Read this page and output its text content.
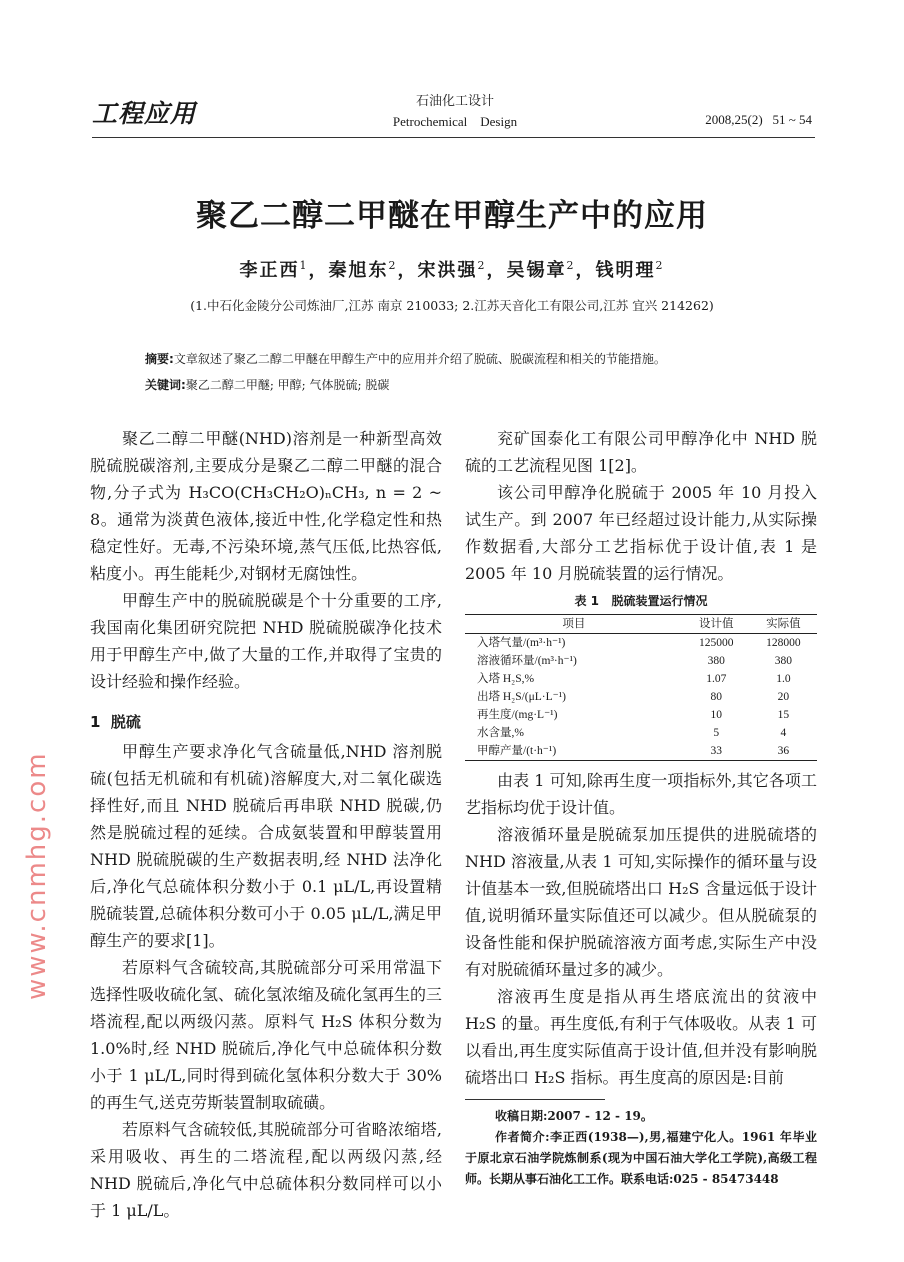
工程应用	石油化工设计
Petrochemical    Design	2008,25(2)   51 ~ 54
聚乙二醇二甲醚在甲醇生产中的应用
李正西$^1$，秦旭东$^2$，宋洪强$^2$，吴锡章$^2$，钱明理$^2$
(1.中石化金陵分公司炼油厂,江苏 南京 210033; 2.江苏天音化工有限公司,江苏 宜兴 214262)
摘要:文章叙述了聚乙二醇二甲醚在甲醇生产中的应用并介绍了脱硫、脱碳流程和相关的节能措施。
关键词:聚乙二醇二甲醚; 甲醇; 气体脱硫; 脱碳

聚乙二醇二甲醚(NHD)溶剂是一种新型高效脱硫脱碳溶剂,主要成分是聚乙二醇二甲醚的混合物,分子式为 H₃CO(CH₃CH₂O)ₙCH₃, n = 2 ~ 8。通常为淡黄色液体,接近中性,化学稳定性和热稳定性好。无毒,不污染环境,蒸气压低,比热容低,粘度小。再生能耗少,对钢材无腐蚀性。

甲醇生产中的脱硫脱碳是个十分重要的工序,我国南化集团研究院把 NHD 脱硫脱碳净化技术用于甲醇生产中,做了大量的工作,并取得了宝贵的设计经验和操作经验。

1  脱硫

甲醇生产要求净化气含硫量低,NHD 溶剂脱硫(包括无机硫和有机硫)溶解度大,对二氧化碳选择性好,而且 NHD 脱硫后再串联 NHD 脱碳,仍然是脱硫过程的延续。合成氨装置和甲醇装置用 NHD 脱硫脱碳的生产数据表明,经 NHD 法净化后,净化气总硫体积分数小于 0.1 μL/L,再设置精脱硫装置,总硫体积分数可小于 0.05 μL/L,满足甲醇生产的要求[1]。

若原料气含硫较高,其脱硫部分可采用常温下选择性吸收硫化氢、硫化氢浓缩及硫化氢再生的三塔流程,配以两级闪蒸。原料气 H₂S 体积分数为 1.0%时,经 NHD 脱硫后,净化气中总硫体积分数小于 1 μL/L,同时得到硫化氢体积分数大于 30%的再生气,送克劳斯装置制取硫磺。

若原料气含硫较低,其脱硫部分可省略浓缩塔,采用吸收、再生的二塔流程,配以两级闪蒸,经 NHD 脱硫后,净化气中总硫体积分数同样可以小于 1 μL/L。

兖矿国泰化工有限公司甲醇净化中 NHD 脱硫的工艺流程见图 1[2]。

该公司甲醇净化脱硫于 2005 年 10 月投入试生产。到 2007 年已经超过设计能力,从实际操作数据看,大部分工艺指标优于设计值,表 1 是 2005 年 10 月脱硫装置的运行情况。

表 1   脱硫装置运行情况
项目	设计值	实际值
入塔气量/(m³·h⁻¹)	125000	128000
溶液循环量/(m³·h⁻¹)	380	380
入塔 H₂S,%	1.07	1.0
出塔 H₂S/(μL·L⁻¹)	80	20
再生度/(mg·L⁻¹)	10	15
水含量,%	5	4
甲醇产量/(t·h⁻¹)	33	36

由表 1 可知,除再生度一项指标外,其它各项工艺指标均优于设计值。

溶液循环量是脱硫泵加压提供的进脱硫塔的 NHD 溶液量,从表 1 可知,实际操作的循环量与设计值基本一致,但脱硫塔出口 H₂S 含量远低于设计值,说明循环量实际值还可以减少。但从脱硫泵的设备性能和保护脱硫溶液方面考虑,实际生产中没有对脱硫循环量过多的减少。

溶液再生度是指从再生塔底流出的贫液中 H₂S 的量。再生度低,有利于气体吸收。从表 1 可以看出,再生度实际值高于设计值,但并没有影响脱硫塔出口 H₂S 指标。再生度高的原因是:目前

收稿日期:2007 - 12 - 19。

作者简介:李正西(1938—),男,福建宁化人。1961 年毕业于原北京石油学院炼制系(现为中国石油大学化工学院),高级工程师。长期从事石油化工工作。联系电话:025 - 85473448

www.cnmhg.com
